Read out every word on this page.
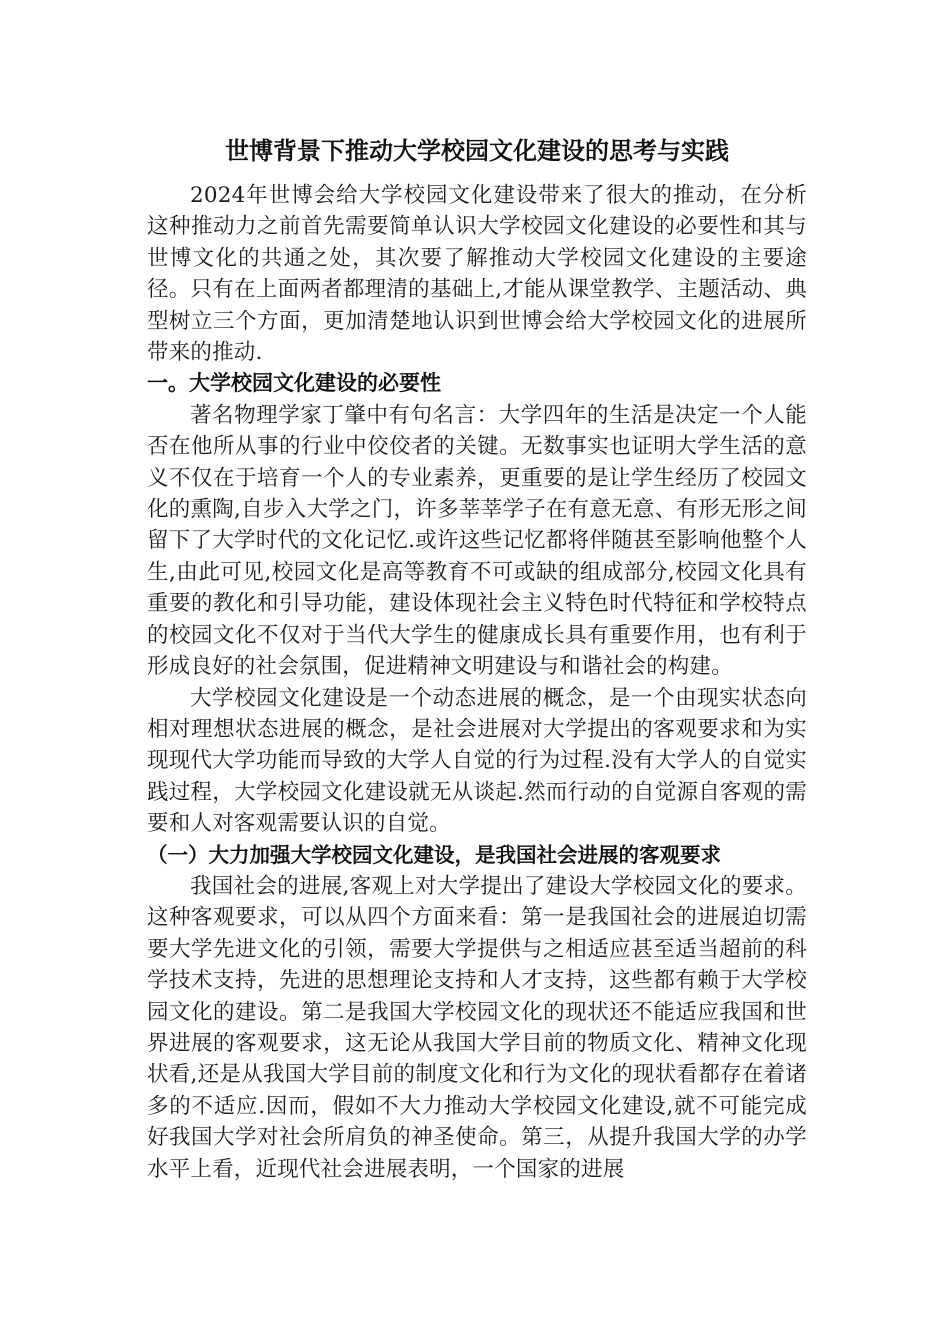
世博背景下推动大学校园文化建设的思考与实践

2024年世博会给大学校园文化建设带来了很大的推动，在分析这种推动力之前首先需要简单认识大学校园文化建设的必要性和其与世博文化的共通之处，其次要了解推动大学校园文化建设的主要途径。只有在上面两者都理清的基础上,才能从课堂教学、主题活动、典型树立三个方面，更加清楚地认识到世博会给大学校园文化的进展所带来的推动.

一。大学校园文化建设的必要性

著名物理学家丁肇中有句名言：大学四年的生活是决定一个人能否在他所从事的行业中佼佼者的关键。无数事实也证明大学生活的意义不仅在于培育一个人的专业素养，更重要的是让学生经历了校园文化的熏陶,自步入大学之门，许多莘莘学子在有意无意、有形无形之间留下了大学时代的文化记忆.或许这些记忆都将伴随甚至影响他整个人生,由此可见,校园文化是高等教育不可或缺的组成部分,校园文化具有重要的教化和引导功能，建设体现社会主义特色时代特征和学校特点的校园文化不仅对于当代大学生的健康成长具有重要作用，也有利于形成良好的社会氛围，促进精神文明建设与和谐社会的构建。

大学校园文化建设是一个动态进展的概念，是一个由现实状态向相对理想状态进展的概念，是社会进展对大学提出的客观要求和为实现现代大学功能而导致的大学人自觉的行为过程.没有大学人的自觉实践过程，大学校园文化建设就无从谈起.然而行动的自觉源自客观的需要和人对客观需要认识的自觉。

（一）大力加强大学校园文化建设，是我国社会进展的客观要求

我国社会的进展,客观上对大学提出了建设大学校园文化的要求。这种客观要求，可以从四个方面来看：第一是我国社会的进展迫切需要大学先进文化的引领，需要大学提供与之相适应甚至适当超前的科学技术支持，先进的思想理论支持和人才支持，这些都有赖于大学校园文化的建设。第二是我国大学校园文化的现状还不能适应我国和世界进展的客观要求，这无论从我国大学目前的物质文化、精神文化现状看,还是从我国大学目前的制度文化和行为文化的现状看都存在着诸多的不适应.因而，假如不大力推动大学校园文化建设,就不可能完成好我国大学对社会所肩负的神圣使命。第三，从提升我国大学的办学水平上看，近现代社会进展表明，一个国家的进展
